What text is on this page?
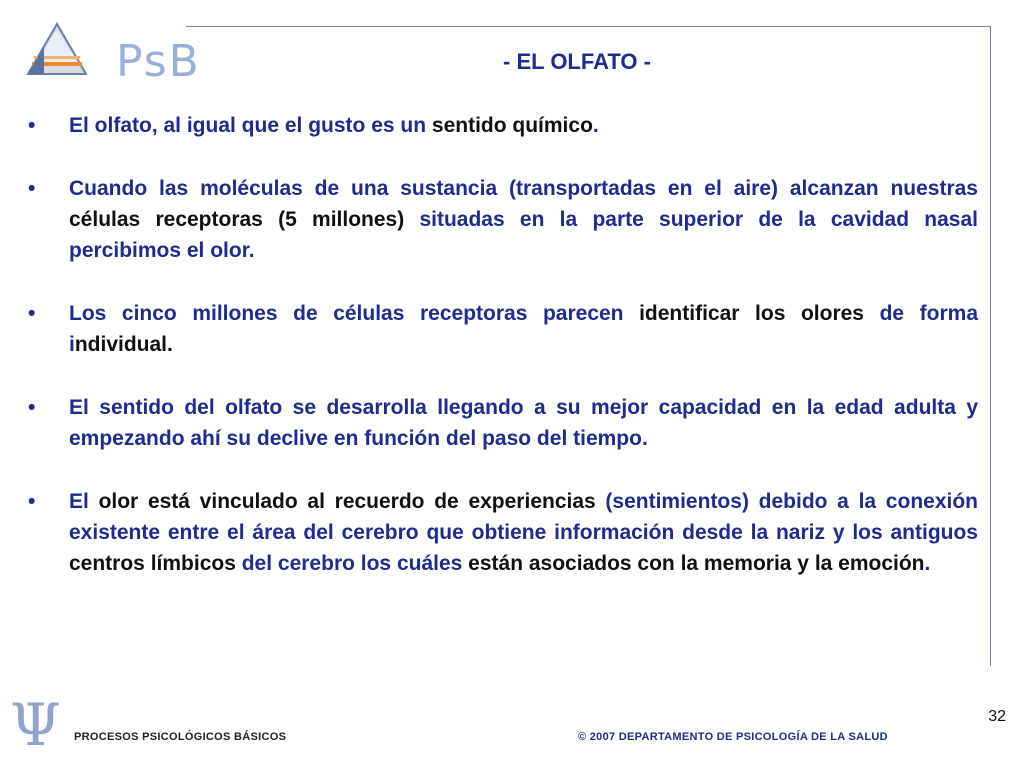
PsB	- EL OLFATO -
• El olfato, al igual que el gusto es un sentido químico.
• Cuando las moléculas de una sustancia (transportadas en el aire) alcanzan nuestras células receptoras (5 millones) situadas en la parte superior de la cavidad nasal percibimos el olor.
• Los cinco millones de células receptoras parecen identificar los olores de forma individual.
• El sentido del olfato se desarrolla llegando a su mejor capacidad en la edad adulta y empezando ahí su declive en función del paso del tiempo.
• El olor está vinculado al recuerdo de experiencias (sentimientos) debido a la conexión existente entre el área del cerebro que obtiene información desde la nariz y los antiguos centros límbicos del cerebro los cuáles están asociados con la memoria y la emoción.
Ψ PROCESOS PSICOLÓGICOS BÁSICOS	© 2007 DEPARTAMENTO DE PSICOLOGÍA DE LA SALUD
32
